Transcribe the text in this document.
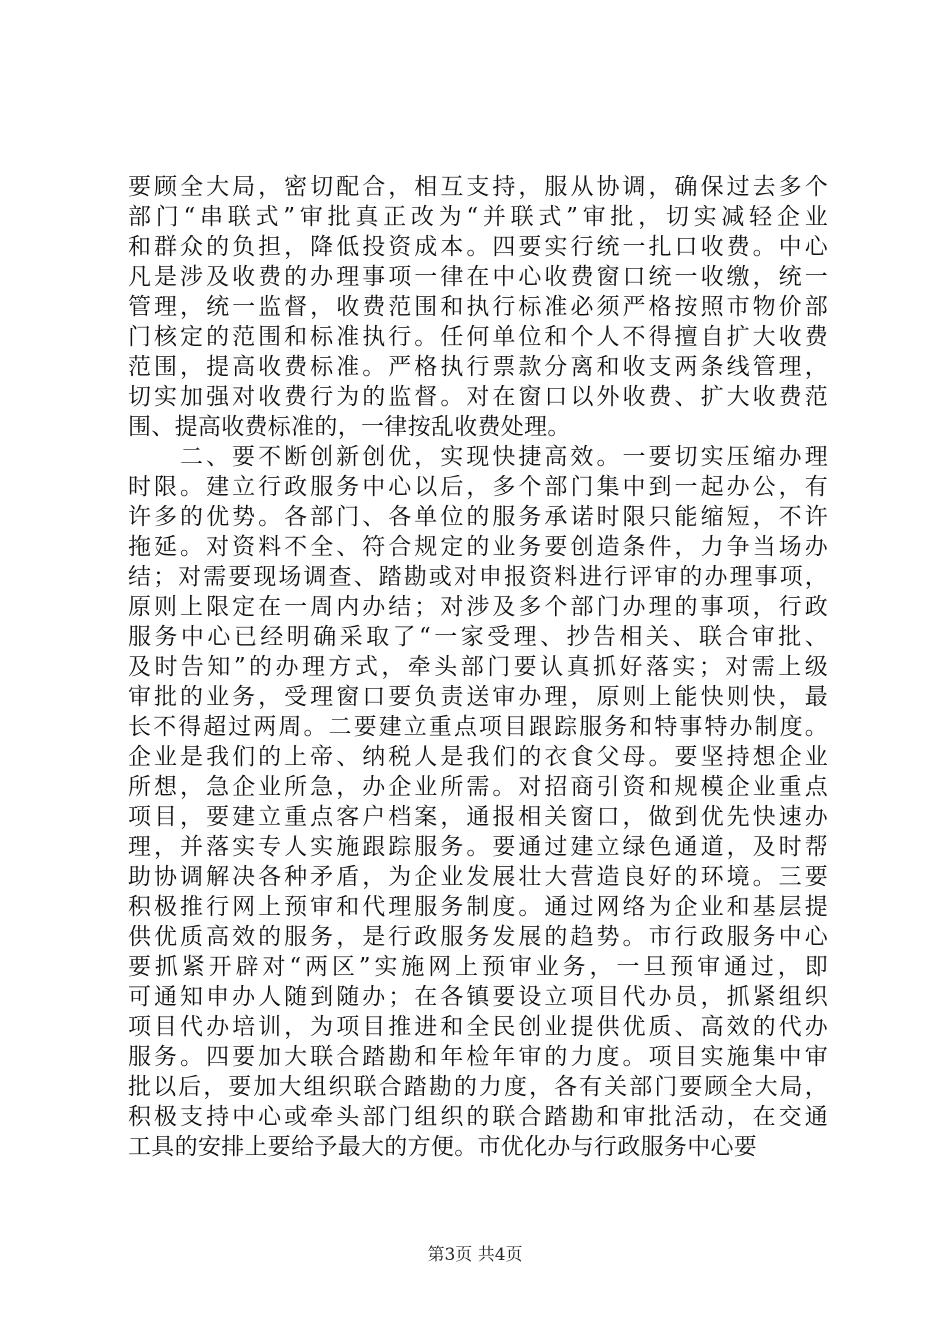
要顾全大局，密切配合，相互支持，服从协调，确保过去多个
部门“串联式”审批真正改为“并联式”审批，切实减轻企业
和群众的负担，降低投资成本。四要实行统一扎口收费。中心
凡是涉及收费的办理事项一律在中心收费窗口统一收缴，统一
管理，统一监督，收费范围和执行标准必须严格按照市物价部
门核定的范围和标准执行。任何单位和个人不得擅自扩大收费
范围，提高收费标准。严格执行票款分离和收支两条线管理，
切实加强对收费行为的监督。对在窗口以外收费、扩大收费范
围、提高收费标准的，一律按乱收费处理。
二、要不断创新创优，实现快捷高效。一要切实压缩办理
时限。建立行政服务中心以后，多个部门集中到一起办公，有
许多的优势。各部门、各单位的服务承诺时限只能缩短，不许
拖延。对资料不全、符合规定的业务要创造条件，力争当场办
结；对需要现场调查、踏勘或对申报资料进行评审的办理事项，
原则上限定在一周内办结；对涉及多个部门办理的事项，行政
服务中心已经明确采取了“一家受理、抄告相关、联合审批、
及时告知”的办理方式，牵头部门要认真抓好落实；对需上级
审批的业务，受理窗口要负责送审办理，原则上能快则快，最
长不得超过两周。二要建立重点项目跟踪服务和特事特办制度。
企业是我们的上帝、纳税人是我们的衣食父母。要坚持想企业
所想，急企业所急，办企业所需。对招商引资和规模企业重点
项目，要建立重点客户档案，通报相关窗口，做到优先快速办
理，并落实专人实施跟踪服务。要通过建立绿色通道，及时帮
助协调解决各种矛盾，为企业发展壮大营造良好的环境。三要
积极推行网上预审和代理服务制度。通过网络为企业和基层提
供优质高效的服务，是行政服务发展的趋势。市行政服务中心
要抓紧开辟对“两区”实施网上预审业务，一旦预审通过，即
可通知申办人随到随办；在各镇要设立项目代办员，抓紧组织
项目代办培训，为项目推进和全民创业提供优质、高效的代办
服务。四要加大联合踏勘和年检年审的力度。项目实施集中审
批以后，要加大组织联合踏勘的力度，各有关部门要顾全大局，
积极支持中心或牵头部门组织的联合踏勘和审批活动，在交通
工具的安排上要给予最大的方便。市优化办与行政服务中心要
第3页 共4页
